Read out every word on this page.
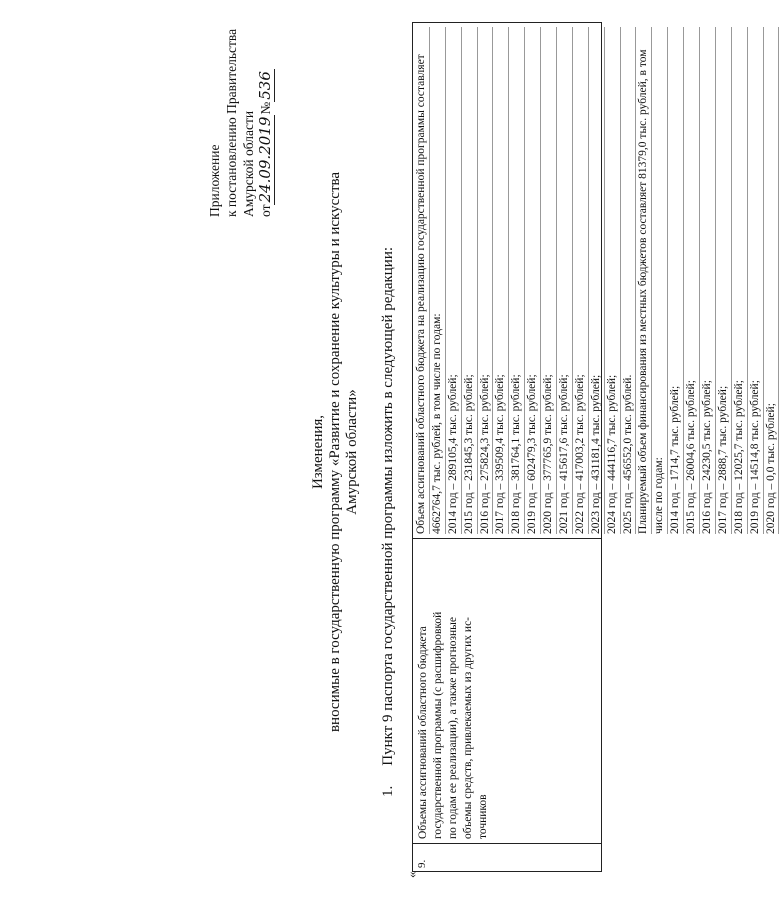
Приложение к постановлению Правительства Амурской области от24.09.2019№536
Изменения, вносимые в государственную программу «Развитие и сохранение культуры и искусства Амурской области»
1.Пункт 9 паспорта государственной программы изложить в следующей редакции:
«
9.
Объемы ассигнований областного бюджета государственной программы (с расшифровкой по годам ее реализации), а также прогнозные объемы средств, привлекаемых из других ис- точников
Объем ассигнований областного бюджета на реализацию государственной программы составляет 4662764,7 тыс. рублей, в том числе по годам: 2014 год – 289105,4 тыс. рублей; 2015 год – 231845,3 тыс. рублей; 2016 год – 275824,3 тыс. рублей; 2017 год – 339509,4 тыс. рублей; 2018 год – 381764,1 тыс. рублей; 2019 год – 602479,3 тыс. рублей; 2020 год – 377765,9 тыс. рублей; 2021 год – 415617,6 тыс. рублей; 2022 год – 417003,2 тыс. рублей; 2023 год – 431181,4 тыс. рублей; 2024 год – 444116,7 тыс. рублей; 2025 год – 456552,0 тыс. рублей. Планируемый объем финансирования из местных бюджетов составляет 81379,0 тыс. рублей, в том числе по годам: 2014 год – 1714,7 тыс. рублей; 2015 год – 26004,6 тыс. рублей; 2016 год – 24230,5 тыс. рублей; 2017 год – 2888,7 тыс. рублей; 2018 год – 12025,7 тыс. рублей; 2019 год – 14514,8 тыс. рублей; 2020 год – 0,0 тыс. рублей;
